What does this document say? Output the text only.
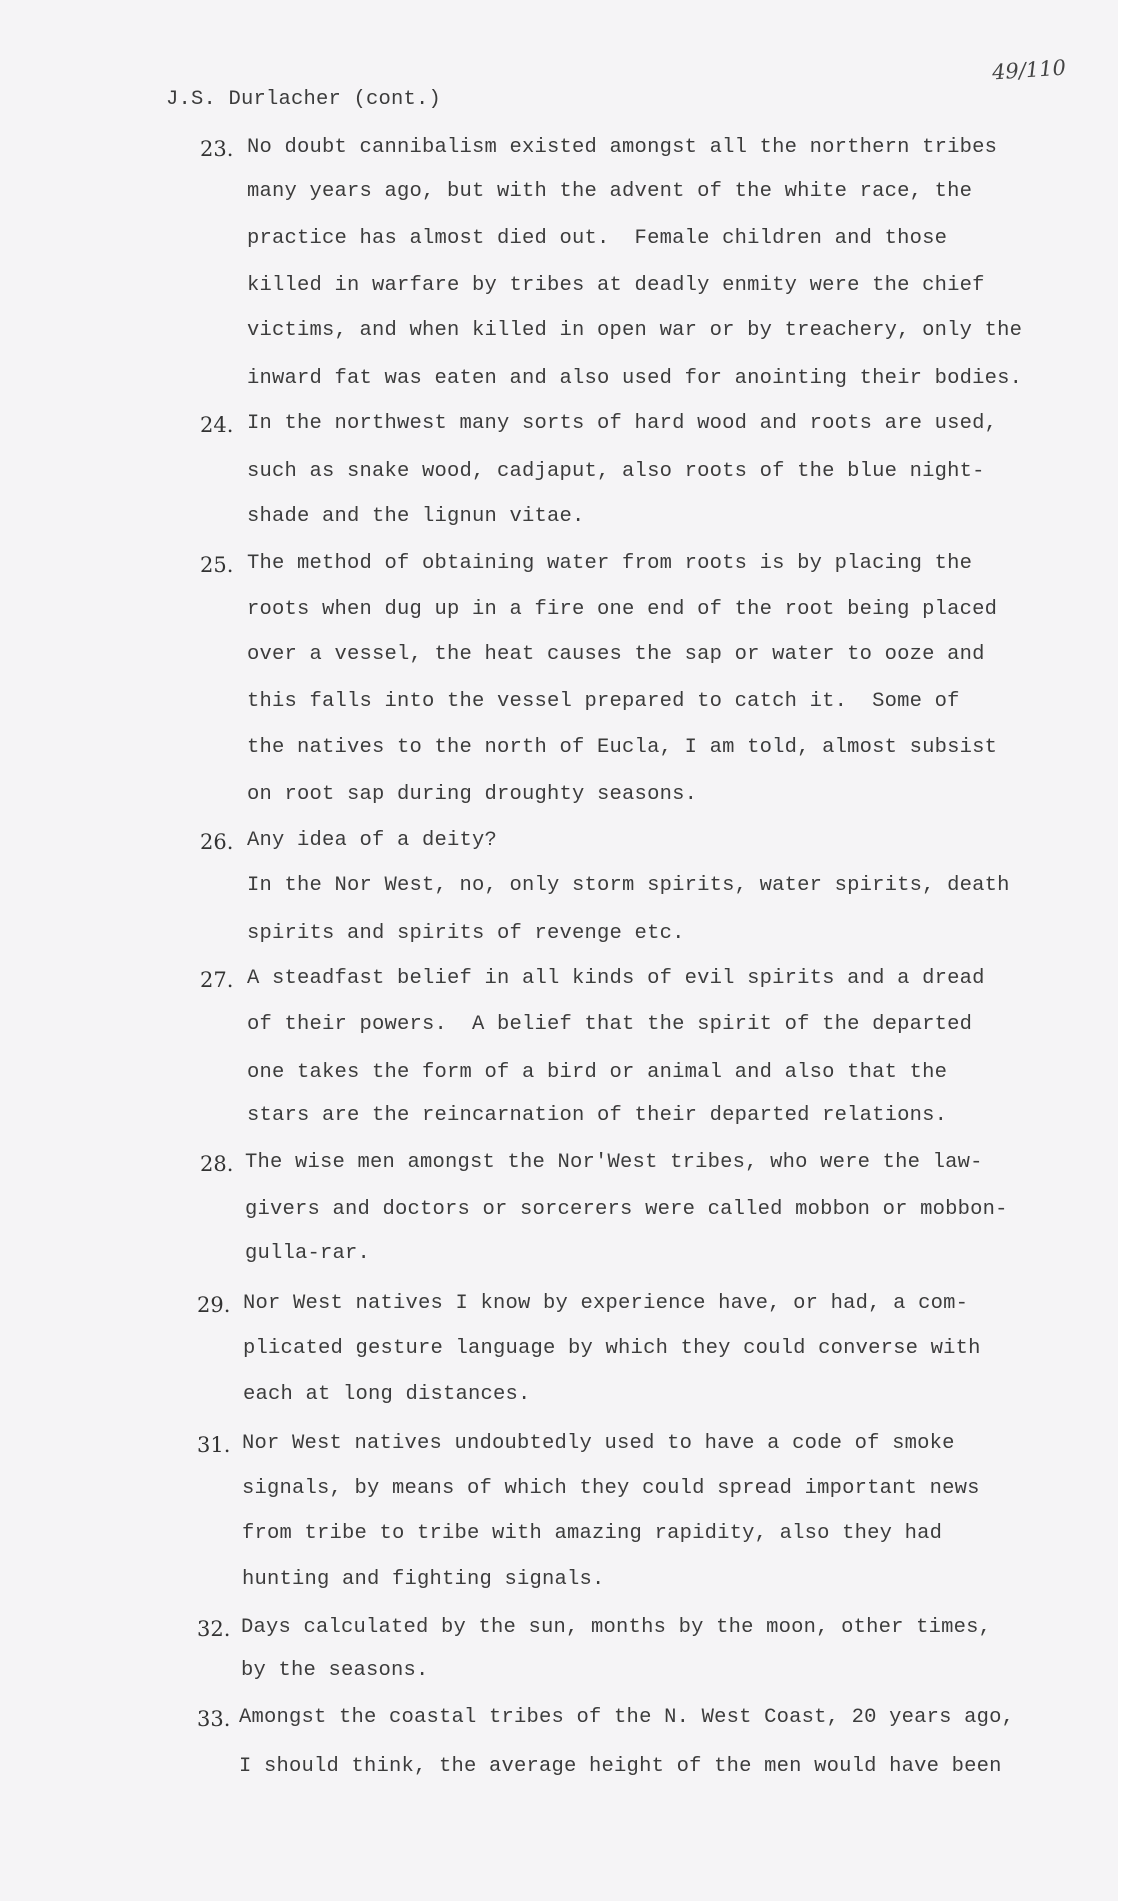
49/110
J.S. Durlacher (cont.)
23. No doubt cannibalism existed amongst all the northern tribes
many years ago, but with the advent of the white race, the
practice has almost died out.  Female children and those
killed in warfare by tribes at deadly enmity were the chief
victims, and when killed in open war or by treachery, only the
inward fat was eaten and also used for anointing their bodies.
24. In the northwest many sorts of hard wood and roots are used,
such as snake wood, cadjaput, also roots of the blue night-
shade and the lignun vitae.
25. The method of obtaining water from roots is by placing the
roots when dug up in a fire one end of the root being placed
over a vessel, the heat causes the sap or water to ooze and
this falls into the vessel prepared to catch it.  Some of
the natives to the north of Eucla, I am told, almost subsist
on root sap during droughty seasons.
26. Any idea of a deity?
In the Nor West, no, only storm spirits, water spirits, death
spirits and spirits of revenge etc.
27. A steadfast belief in all kinds of evil spirits and a dread
of their powers.  A belief that the spirit of the departed
one takes the form of a bird or animal and also that the
stars are the reincarnation of their departed relations.
28. The wise men amongst the Nor'West tribes, who were the law-
givers and doctors or sorcerers were called mobbon or mobbon-
gulla-rar.
29. Nor West natives I know by experience have, or had, a com-
plicated gesture language by which they could converse with
each at long distances.
31. Nor West natives undoubtedly used to have a code of smoke
signals, by means of which they could spread important news
from tribe to tribe with amazing rapidity, also they had
hunting and fighting signals.
32. Days calculated by the sun, months by the moon, other times,
by the seasons.
33. Amongst the coastal tribes of the N. West Coast, 20 years ago,
I should think, the average height of the men would have been
